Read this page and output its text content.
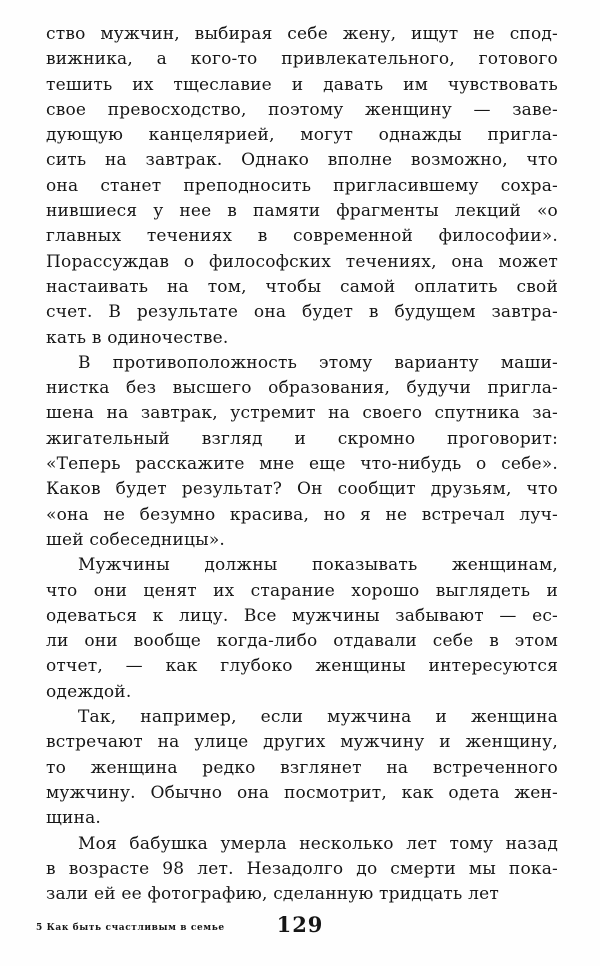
ство мужчин, выбирая себе жену, ищут не спод-
вижника, а кого-то привлекательного, готового
тешить их тщеславие и давать им чувствовать
свое превосходство, поэтому женщину — заве-
дующую канцелярией, могут однажды пригла-
сить на завтрак. Однако вполне возможно, что
она станет преподносить пригласившему сохра-
нившиеся у нее в памяти фрагменты лекций «о
главных течениях в современной философии».
Порассуждав о философских течениях, она может
настаивать на том, чтобы самой оплатить свой
счет. В результате она будет в будущем завтра-
кать в одиночестве.
В противоположность этому варианту маши-
нистка без высшего образования, будучи пригла-
шена на завтрак, устремит на своего спутника за-
жигательный взгляд и скромно проговорит:
«Теперь расскажите мне еще что-нибудь о себе».
Каков будет результат? Он сообщит друзьям, что
«она не безумно красива, но я не встречал луч-
шей собеседницы».
Мужчины должны показывать женщинам,
что они ценят их старание хорошо выглядеть и
одеваться к лицу. Все мужчины забывают — ес-
ли они вообще когда-либо отдавали себе в этом
отчет, — как глубоко женщины интересуются
одеждой.
Так, например, если мужчина и женщина
встречают на улице других мужчину и женщину,
то женщина редко взглянет на встреченного
мужчину. Обычно она посмотрит, как одета жен-
щина.
Моя бабушка умерла несколько лет тому назад
в возрасте 98 лет. Незадолго до смерти мы пока-
зали ей ее фотографию, сделанную тридцать лет
5 Как быть счастливым в семье 129
